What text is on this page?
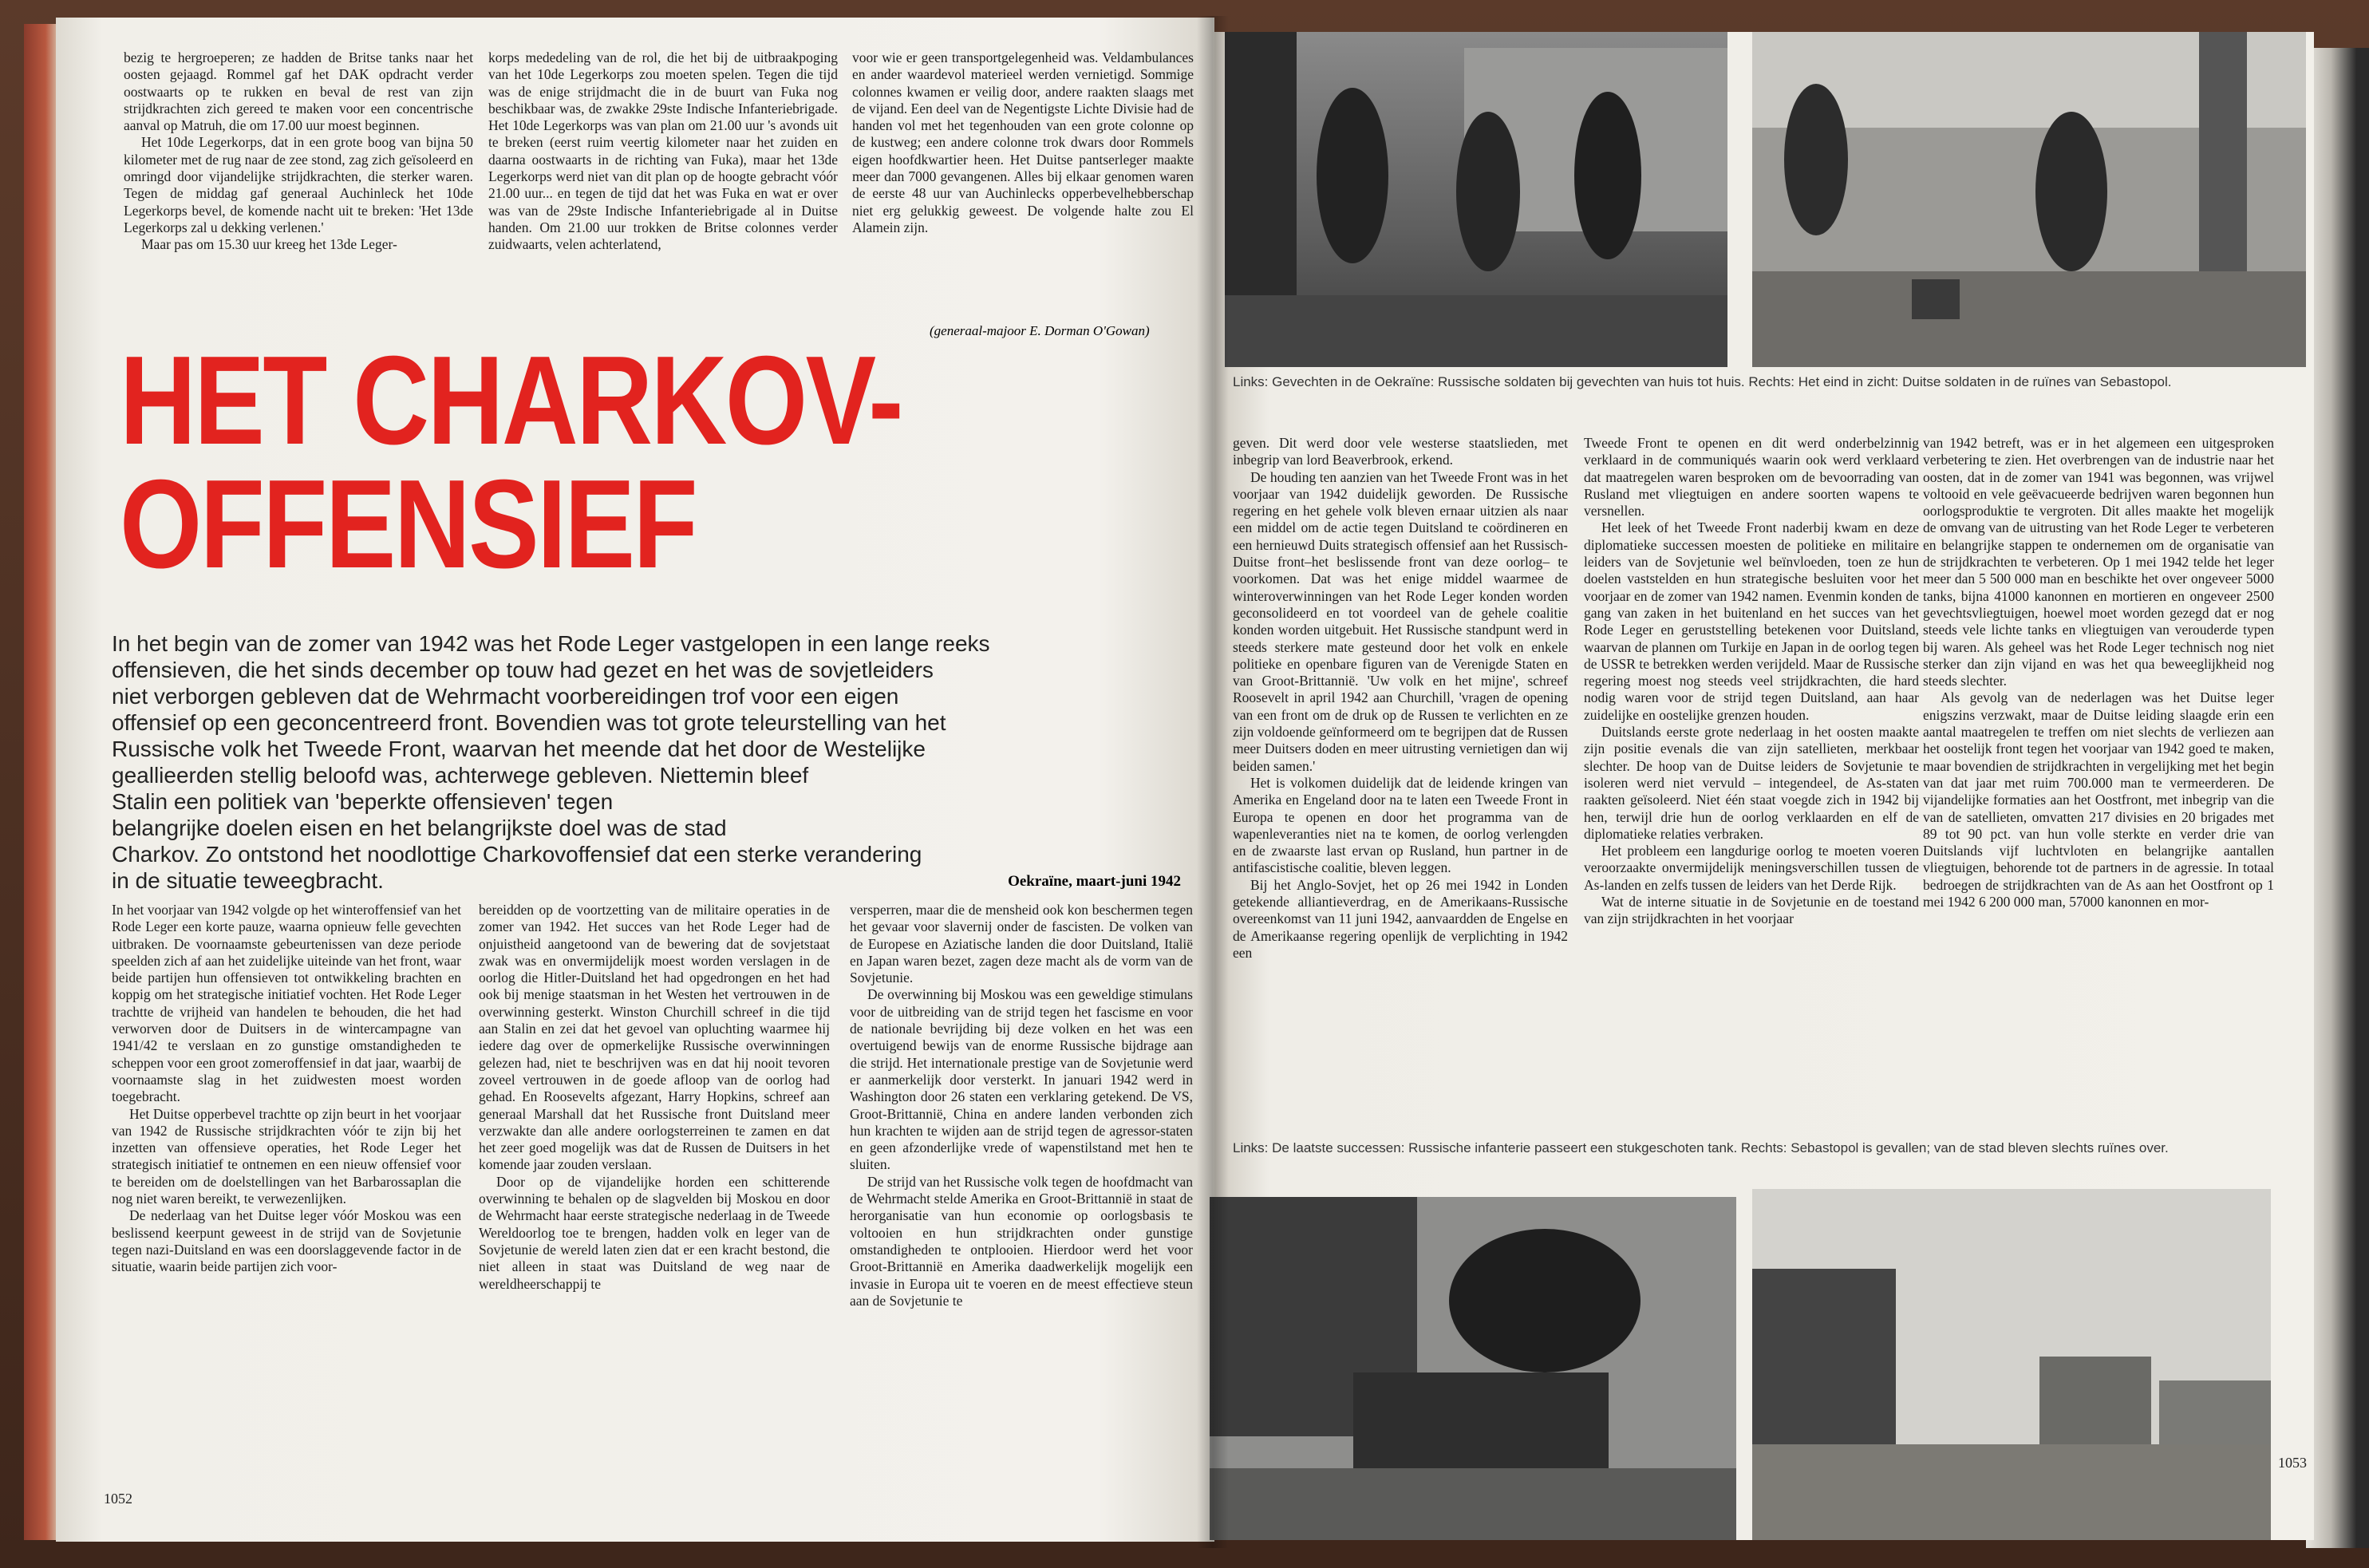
bezig te hergroeperen; ze hadden de Britse tanks naar het oosten gejaagd. Rommel gaf het DAK opdracht verder oostwaarts op te rukken en beval de rest van zijn strijdkrachten zich gereed te maken voor een concentrische aanval op Matruh, die om 17.00 uur moest beginnen.

Het 10de Legerkorps, dat in een grote boog van bijna 50 kilometer met de rug naar de zee stond, zag zich geïsoleerd en omringd door vijandelijke strijdkrachten, die sterker waren. Tegen de middag gaf generaal Auchinleck het 10de Legerkorps bevel, de komende nacht uit te breken: 'Het 13de Legerkorps zal u dekking verlenen.'

Maar pas om 15.30 uur kreeg het 13de Leger-

korps mededeling van de rol, die het bij de uitbraakpoging van het 10de Legerkorps zou moeten spelen. Tegen die tijd was de enige strijdmacht die in de buurt van Fuka nog beschikbaar was, de zwakke 29ste Indische Infanteriebrigade. Het 10de Legerkorps was van plan om 21.00 uur 's avonds uit te breken (eerst ruim veertig kilometer naar het zuiden en daarna oostwaarts in de richting van Fuka), maar het 13de Legerkorps werd niet van dit plan op de hoogte gebracht vóór 21.00 uur... en tegen de tijd dat het was Fuka en wat er over was van de 29ste Indische Infanteriebrigade al in Duitse handen. Om 21.00 uur trokken de Britse colonnes verder zuidwaarts, velen achterlatend,

voor wie er geen transportgelegenheid was. Veldambulances en ander waardevol materieel werden vernietigd. Sommige colonnes kwamen er veilig door, andere raakten slaags met de vijand. Een deel van de Negentigste Lichte Divisie had de handen vol met het tegenhouden van een grote colonne op de kustweg; een andere colonne trok dwars door Rommels eigen hoofdkwartier heen. Het Duitse pantserleger maakte meer dan 7000 gevangenen. Alles bij elkaar genomen waren de eerste 48 uur van Auchinlecks opperbevelhebberschap niet erg gelukkig geweest. De volgende halte zou El Alamein zijn.

(generaal-majoor E. Dorman O'Gowan)
HET CHARKOV-
OFFENSIEF
In het begin van de zomer van 1942 was het Rode Leger vastgelopen in een lange reeks
offensieven, die het sinds december op touw had gezet en het was de sovjetleiders
niet verborgen gebleven dat de Wehrmacht voorbereidingen trof voor een eigen
offensief op een geconcentreerd front. Bovendien was tot grote teleurstelling van het
Russische volk het Tweede Front, waarvan het meende dat het door de Westelijke
geallieerden stellig beloofd was, achterwege gebleven. Niettemin bleef
Stalin een politiek van 'beperkte offensieven' tegen
belangrijke doelen eisen en het belangrijkste doel was de stad
Charkov. Zo ontstond het noodlottige Charkovoffensief dat een sterke verandering
in de situatie teweegbracht.	Oekraïne, maart-juni 1942

In het voorjaar van 1942 volgde op het winteroffensief van het Rode Leger een korte pauze, waarna opnieuw felle gevechten uitbraken. De voornaamste gebeurtenissen van deze periode speelden zich af aan het zuidelijke uiteinde van het front, waar beide partijen hun offensieven tot ontwikkeling brachten en koppig om het strategische initiatief vochten. Het Rode Leger trachtte de vrijheid van handelen te behouden, die het had verworven door de Duitsers in de wintercampagne van 1941/42 te verslaan en zo gunstige omstandigheden te scheppen voor een groot zomeroffensief in dat jaar, waarbij de voornaamste slag in het zuidwesten moest worden toegebracht.

Het Duitse opperbevel trachtte op zijn beurt in het voorjaar van 1942 de Russische strijdkrachten vóór te zijn bij het inzetten van offensieve operaties, het Rode Leger het strategisch initiatief te ontnemen en een nieuw offensief voor te bereiden om de doelstellingen van het Barbarossaplan die nog niet waren bereikt, te verwezenlijken.

De nederlaag van het Duitse leger vóór Moskou was een beslissend keerpunt geweest in de strijd van de Sovjetunie tegen nazi-Duitsland en was een doorslaggevende factor in de situatie, waarin beide partijen zich voor-

bereidden op de voortzetting van de militaire operaties in de zomer van 1942. Het succes van het Rode Leger had de onjuistheid aangetoond van de bewering dat de sovjetstaat zwak was en onvermijdelijk moest worden verslagen in de oorlog die Hitler-Duitsland het had opgedrongen en het had ook bij menige staatsman in het Westen het vertrouwen in de overwinning gesterkt. Winston Churchill schreef in die tijd aan Stalin en zei dat het gevoel van opluchting waarmee hij iedere dag over de opmerkelijke Russische overwinningen gelezen had, niet te beschrijven was en dat hij nooit tevoren zoveel vertrouwen in de goede afloop van de oorlog had gehad. En Roosevelts afgezant, Harry Hopkins, schreef aan generaal Marshall dat het Russische front Duitsland meer verzwakte dan alle andere oorlogsterreinen te zamen en dat het zeer goed mogelijk was dat de Russen de Duitsers in het komende jaar zouden verslaan.

Door op de vijandelijke horden een schitterende overwinning te behalen op de slagvelden bij Moskou en door de Wehrmacht haar eerste strategische nederlaag in de Tweede Wereldoorlog toe te brengen, hadden volk en leger van de Sovjetunie de wereld laten zien dat er een kracht bestond, die niet alleen in staat was Duitsland de weg naar de wereldheerschappij te

versperren, maar die de mensheid ook kon beschermen tegen het gevaar voor slavernij onder de fascisten. De volken van de Europese en Aziatische landen die door Duitsland, Italië en Japan waren bezet, zagen deze macht als de vorm van de Sovjetunie.

De overwinning bij Moskou was een geweldige stimulans voor de uitbreiding van de strijd tegen het fascisme en voor de nationale bevrijding bij deze volken en het was een overtuigend bewijs van de enorme Russische bijdrage aan die strijd. Het internationale prestige van de Sovjetunie werd er aanmerkelijk door versterkt. In januari 1942 werd in Washington door 26 staten een verklaring getekend. De VS, Groot-Brittannië, China en andere landen verbonden zich hun krachten te wijden aan de strijd tegen de agressor-staten en geen afzonderlijke vrede of wapenstilstand met hen te sluiten.

De strijd van het Russische volk tegen de hoofdmacht van de Wehrmacht stelde Amerika en Groot-Brittannië in staat de herorganisatie van hun economie op oorlogsbasis te voltooien en hun strijdkrachten onder gunstige omstandigheden te ontplooien. Hierdoor werd het voor Groot-Brittannië en Amerika daadwerkelijk mogelijk een invasie in Europa uit te voeren en de meest effectieve steun aan de Sovjetunie te

1052
Links: Gevechten in de Oekraïne: Russische soldaten bij gevechten van huis tot huis. Rechts: Het eind in zicht: Duitse soldaten in de ruïnes van Sebastopol.

geven. Dit werd door vele westerse staatslieden, met inbegrip van lord Beaverbrook, erkend.

De houding ten aanzien van het Tweede Front was in het voorjaar van 1942 duidelijk geworden. De Russische regering en het gehele volk bleven ernaar uitzien als naar een middel om de actie tegen Duitsland te coördineren en een hernieuwd Duits strategisch offensief aan het Russisch-Duitse front–het beslissende front van deze oorlog– te voorkomen. Dat was het enige middel waarmee de winteroverwinningen van het Rode Leger konden worden geconsolideerd en tot voordeel van de gehele coalitie konden worden uitgebuit. Het Russische standpunt werd in steeds sterkere mate gesteund door het volk en enkele politieke en openbare figuren van de Verenigde Staten en van Groot-Brittannië. 'Uw volk en het mijne', schreef Roosevelt in april 1942 aan Churchill, 'vragen de opening van een front om de druk op de Russen te verlichten en ze zijn voldoende geïnformeerd om te begrijpen dat de Russen meer Duitsers doden en meer uitrusting vernietigen dan wij beiden samen.'

Het is volkomen duidelijk dat de leidende kringen van Amerika en Engeland door na te laten een Tweede Front in Europa te openen en door het programma van de wapenleveranties niet na te komen, de oorlog verlengden en de zwaarste last ervan op Rusland, hun partner in de antifascistische coalitie, bleven leggen.

Bij het Anglo-Sovjet, het op 26 mei 1942 in Londen getekende alliantieverdrag, en de Amerikaans-Russische overeenkomst van 11 juni 1942, aanvaardden de Engelse en de Amerikaanse regering openlijk de verplichting in 1942 een

Tweede Front te openen en dit werd onderbelzinnig verklaard in de communiqués waarin ook werd verklaard dat maatregelen waren besproken om de bevoorrading van Rusland met vliegtuigen en andere soorten wapens te versnellen.

Het leek of het Tweede Front naderbij kwam en deze diplomatieke successen moesten de politieke en militaire leiders van de Sovjetunie wel beïnvloeden, toen ze hun doelen vaststelden en hun strategische besluiten voor het voorjaar en de zomer van 1942 namen. Evenmin konden de gang van zaken in het buitenland en het succes van het Rode Leger en geruststelling betekenen voor Duitsland, waarvan de plannen om Turkije en Japan in de oorlog tegen de USSR te betrekken werden verijdeld. Maar de Russische regering moest nog steeds veel strijdkrachten, die hard nodig waren voor de strijd tegen Duitsland, aan haar zuidelijke en oostelijke grenzen houden.

Duitslands eerste grote nederlaag in het oosten maakte zijn positie evenals die van zijn satellieten, merkbaar slechter. De hoop van de Duitse leiders de Sovjetunie te isoleren werd niet vervuld – integendeel, de As-staten raakten geïsoleerd. Niet één staat voegde zich in 1942 bij hen, terwijl drie hun de oorlog verklaarden en elf de diplomatieke relaties verbraken.

Het probleem een langdurige oorlog te moeten voeren veroorzaakte onvermijdelijk meningsverschillen tussen de As-landen en zelfs tussen de leiders van het Derde Rijk.

Wat de interne situatie in de Sovjetunie en de toestand van zijn strijdkrachten in het voorjaar

van 1942 betreft, was er in het algemeen een uitgesproken verbetering te zien. Het overbrengen van de industrie naar het oosten, dat in de zomer van 1941 was begonnen, was vrijwel voltooid en vele geëvacueerde bedrijven waren begonnen hun oorlogsproduktie te vergroten. Dit alles maakte het mogelijk de omvang van de uitrusting van het Rode Leger te verbeteren en belangrijke stappen te ondernemen om de organisatie van de strijdkrachten te verbeteren. Op 1 mei 1942 telde het leger meer dan 5 500 000 man en beschikte het over ongeveer 5000 tanks, bijna 41000 kanonnen en mortieren en ongeveer 2500 gevechtsvliegtuigen, hoewel moet worden gezegd dat er nog steeds vele lichte tanks en vliegtuigen van verouderde typen bij waren. Als geheel was het Rode Leger technisch nog niet sterker dan zijn vijand en was het qua beweeglijkheid nog steeds slechter.

Als gevolg van de nederlagen was het Duitse leger enigszins verzwakt, maar de Duitse leiding slaagde erin een aantal maatregelen te treffen om niet slechts de verliezen aan het oostelijk front tegen het voorjaar van 1942 goed te maken, maar bovendien de strijdkrachten in vergelijking met het begin van dat jaar met ruim 700.000 man te vermeerderen. De vijandelijke formaties aan het Oostfront, met inbegrip van die van de satellieten, omvatten 217 divisies en 20 brigades met 89 tot 90 pct. van hun volle sterkte en verder drie van Duitslands vijf luchtvloten en belangrijke aantallen vliegtuigen, behorende tot de partners in de agressie. In totaal bedroegen de strijdkrachten van de As aan het Oostfront op 1 mei 1942 6 200 000 man, 57000 kanonnen en mor-

Links: De laatste successen: Russische infanterie passeert een stukgeschoten tank. Rechts: Sebastopol is gevallen; van de stad bleven slechts ruïnes over.
1053
